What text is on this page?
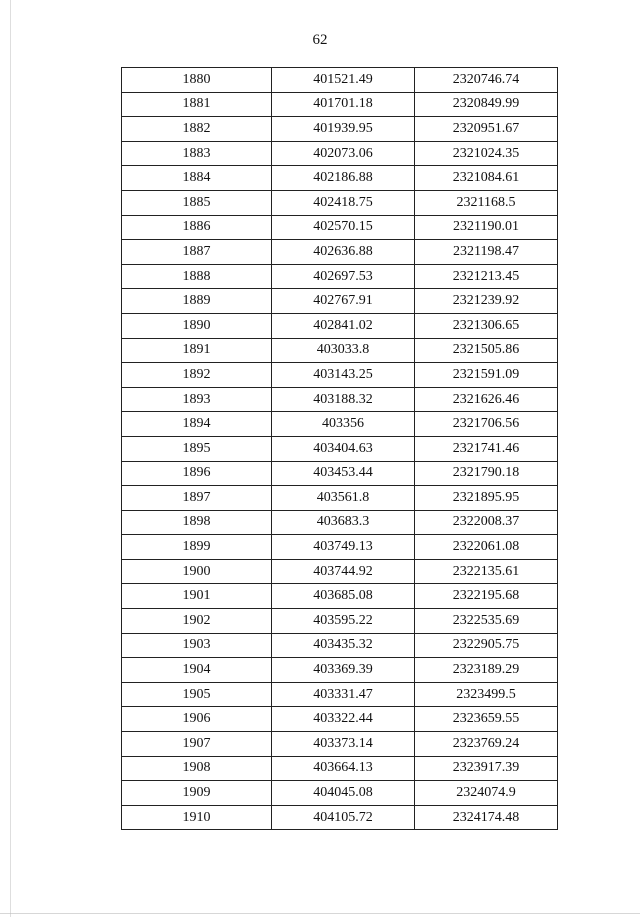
62
1880	401521.49	2320746.74
1881	401701.18	2320849.99
1882	401939.95	2320951.67
1883	402073.06	2321024.35
1884	402186.88	2321084.61
1885	402418.75	2321168.5
1886	402570.15	2321190.01
1887	402636.88	2321198.47
1888	402697.53	2321213.45
1889	402767.91	2321239.92
1890	402841.02	2321306.65
1891	403033.8	2321505.86
1892	403143.25	2321591.09
1893	403188.32	2321626.46
1894	403356	2321706.56
1895	403404.63	2321741.46
1896	403453.44	2321790.18
1897	403561.8	2321895.95
1898	403683.3	2322008.37
1899	403749.13	2322061.08
1900	403744.92	2322135.61
1901	403685.08	2322195.68
1902	403595.22	2322535.69
1903	403435.32	2322905.75
1904	403369.39	2323189.29
1905	403331.47	2323499.5
1906	403322.44	2323659.55
1907	403373.14	2323769.24
1908	403664.13	2323917.39
1909	404045.08	2324074.9
1910	404105.72	2324174.48
